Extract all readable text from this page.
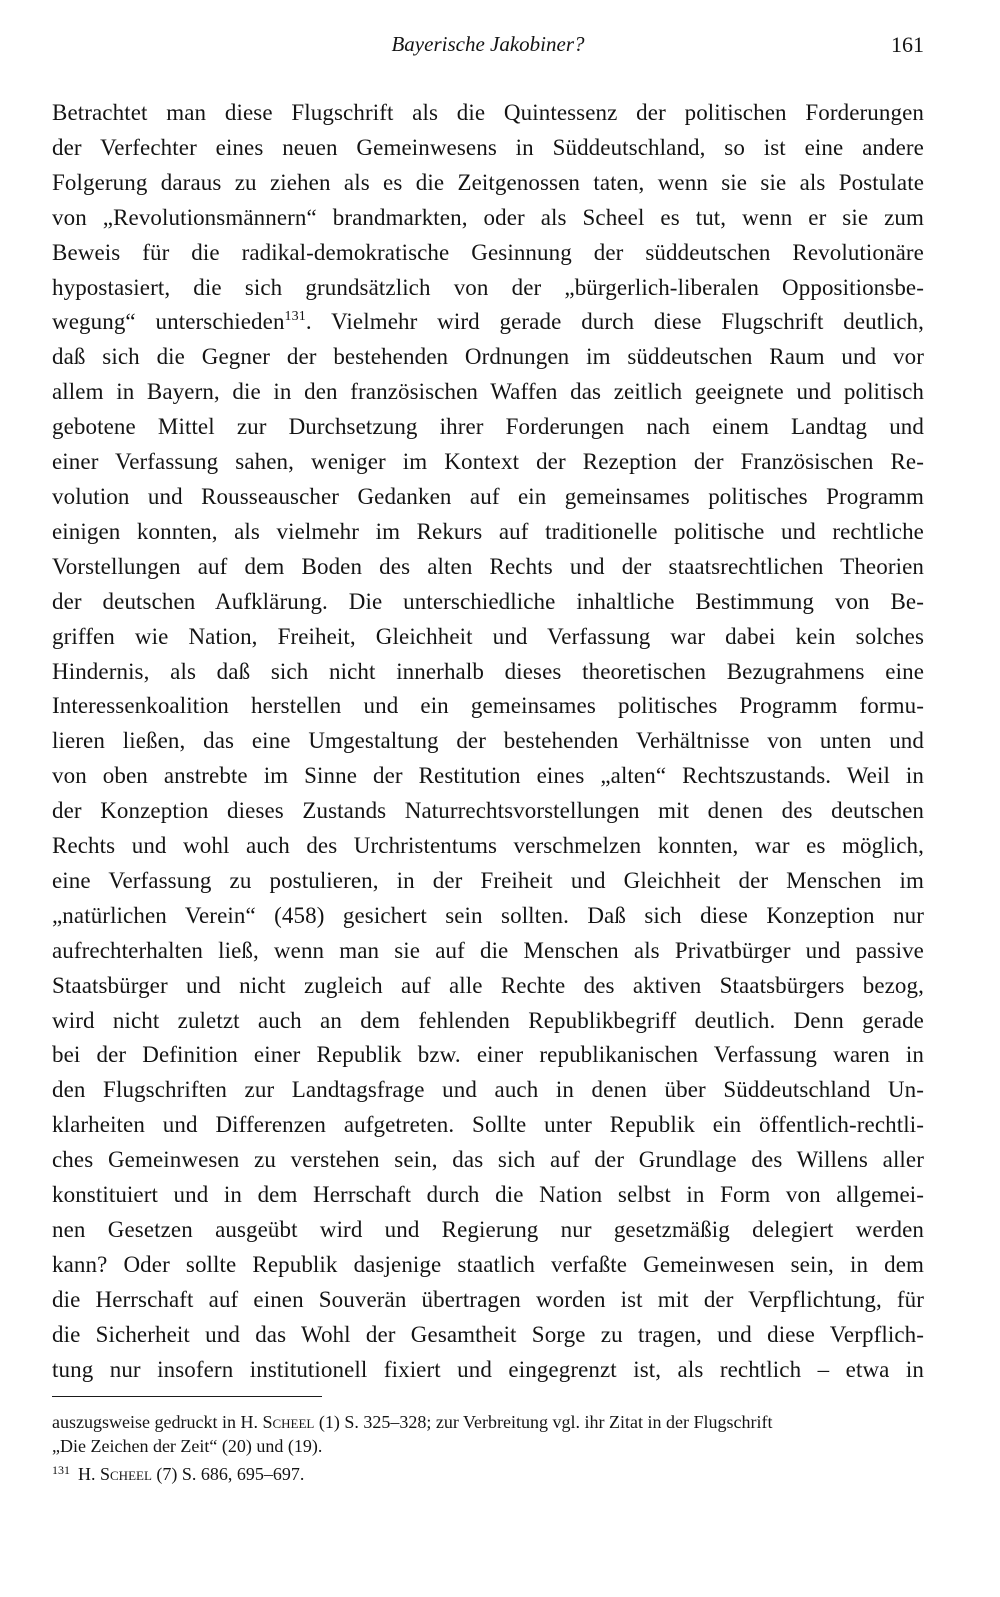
Bayerische Jakobiner?	161
Betrachtet man diese Flugschrift als die Quintessenz der politischen Forderungen
der Verfechter eines neuen Gemeinwesens in Süddeutschland, so ist eine andere
Folgerung daraus zu ziehen als es die Zeitgenossen taten, wenn sie sie als Postulate
von „Revolutionsmännern“ brandmarkten, oder als Scheel es tut, wenn er sie zum
Beweis für die radikal-demokratische Gesinnung der süddeutschen Revolutionäre
hypostasiert, die sich grundsätzlich von der „bürgerlich-liberalen Oppositionsbe-
wegung“ unterschieden$^{131}$. Vielmehr wird gerade durch diese Flugschrift deutlich,
daß sich die Gegner der bestehenden Ordnungen im süddeutschen Raum und vor
allem in Bayern, die in den französischen Waffen das zeitlich geeignete und politisch
gebotene Mittel zur Durchsetzung ihrer Forderungen nach einem Landtag und
einer Verfassung sahen, weniger im Kontext der Rezeption der Französischen Re-
volution und Rousseauscher Gedanken auf ein gemeinsames politisches Programm
einigen konnten, als vielmehr im Rekurs auf traditionelle politische und rechtliche
Vorstellungen auf dem Boden des alten Rechts und der staatsrechtlichen Theorien
der deutschen Aufklärung. Die unterschiedliche inhaltliche Bestimmung von Be-
griffen wie Nation, Freiheit, Gleichheit und Verfassung war dabei kein solches
Hindernis, als daß sich nicht innerhalb dieses theoretischen Bezugrahmens eine
Interessenkoalition herstellen und ein gemeinsames politisches Programm formu-
lieren ließen, das eine Umgestaltung der bestehenden Verhältnisse von unten und
von oben anstrebte im Sinne der Restitution eines „alten“ Rechtszustands. Weil in
der Konzeption dieses Zustands Naturrechtsvorstellungen mit denen des deutschen
Rechts und wohl auch des Urchristentums verschmelzen konnten, war es möglich,
eine Verfassung zu postulieren, in der Freiheit und Gleichheit der Menschen im
„natürlichen Verein“ (458) gesichert sein sollten. Daß sich diese Konzeption nur
aufrechterhalten ließ, wenn man sie auf die Menschen als Privatbürger und passive
Staatsbürger und nicht zugleich auf alle Rechte des aktiven Staatsbürgers bezog,
wird nicht zuletzt auch an dem fehlenden Republikbegriff deutlich. Denn gerade
bei der Definition einer Republik bzw. einer republikanischen Verfassung waren in
den Flugschriften zur Landtagsfrage und auch in denen über Süddeutschland Un-
klarheiten und Differenzen aufgetreten. Sollte unter Republik ein öffentlich-rechtli-
ches Gemeinwesen zu verstehen sein, das sich auf der Grundlage des Willens aller
konstituiert und in dem Herrschaft durch die Nation selbst in Form von allgemei-
nen Gesetzen ausgeübt wird und Regierung nur gesetzmäßig delegiert werden
kann? Oder sollte Republik dasjenige staatlich verfaßte Gemeinwesen sein, in dem
die Herrschaft auf einen Souverän übertragen worden ist mit der Verpflichtung, für
die Sicherheit und das Wohl der Gesamtheit Sorge zu tragen, und diese Verpflich-
tung nur insofern institutionell fixiert und eingegrenzt ist, als rechtlich – etwa in
auszugsweise gedruckt in H. Scheel (1) S. 325–328; zur Verbreitung vgl. ihr Zitat in der Flugschrift
„Die Zeichen der Zeit“ (20) und (19).
$^{131}$ H. Scheel (7) S. 686, 695–697.
